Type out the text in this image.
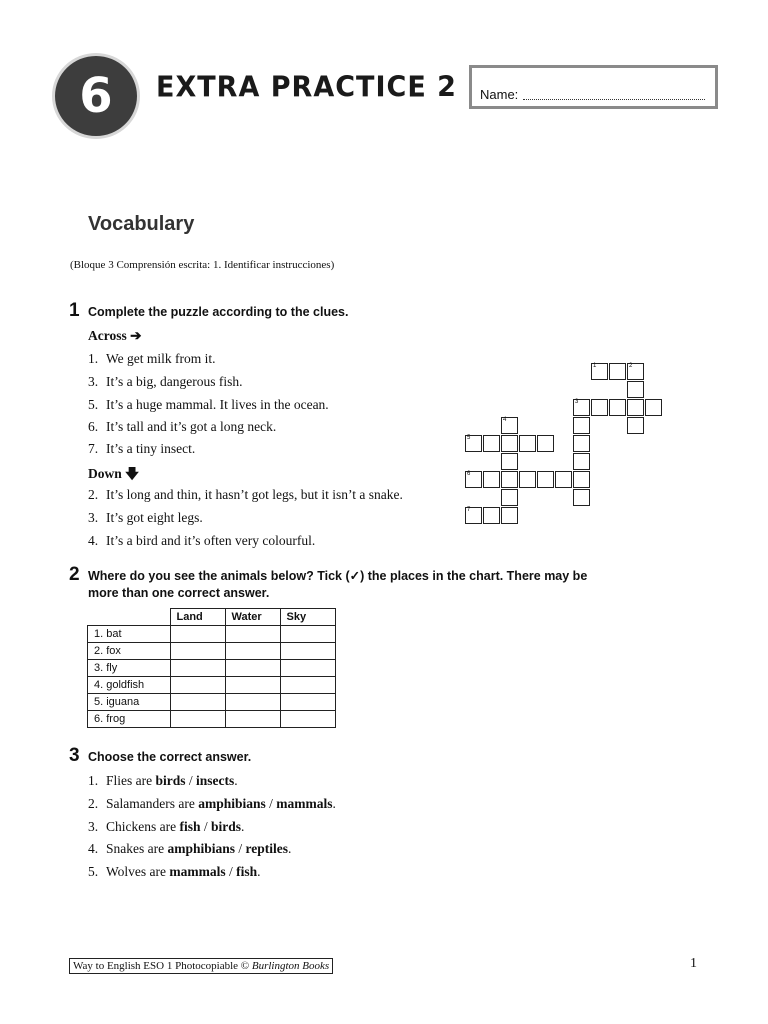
6 EXTRA PRACTICE 2 Name:
Vocabulary
(Bloque 3 Comprensión escrita: 1. Identificar instrucciones)
1 Complete the puzzle according to the clues.
Across ➔
1. We get milk from it.
3. It’s a big, dangerous fish.
5. It’s a huge mammal. It lives in the ocean.
6. It’s tall and it’s got a long neck.
7. It’s a tiny insect.
Down 🡇
2. It’s long and thin, it hasn’t got legs, but it isn’t a snake.
3. It’s got eight legs.
4. It’s a bird and it’s often very colourful.
1	2
3
4
5
6
7
2 Where do you see the animals below? Tick (✓) the places in the chart. There may be
more than one correct answer.
	Land	Water	Sky
1. bat			
2. fox			
3. fly			
4. goldfish			
5. iguana			
6. frog			
3 Choose the correct answer.
1. Flies are birds / insects.
2. Salamanders are amphibians / mammals.
3. Chickens are fish / birds.
4. Snakes are amphibians / reptiles.
5. Wolves are mammals / fish.
Way to English ESO 1 Photocopiable © Burlington Books	1
